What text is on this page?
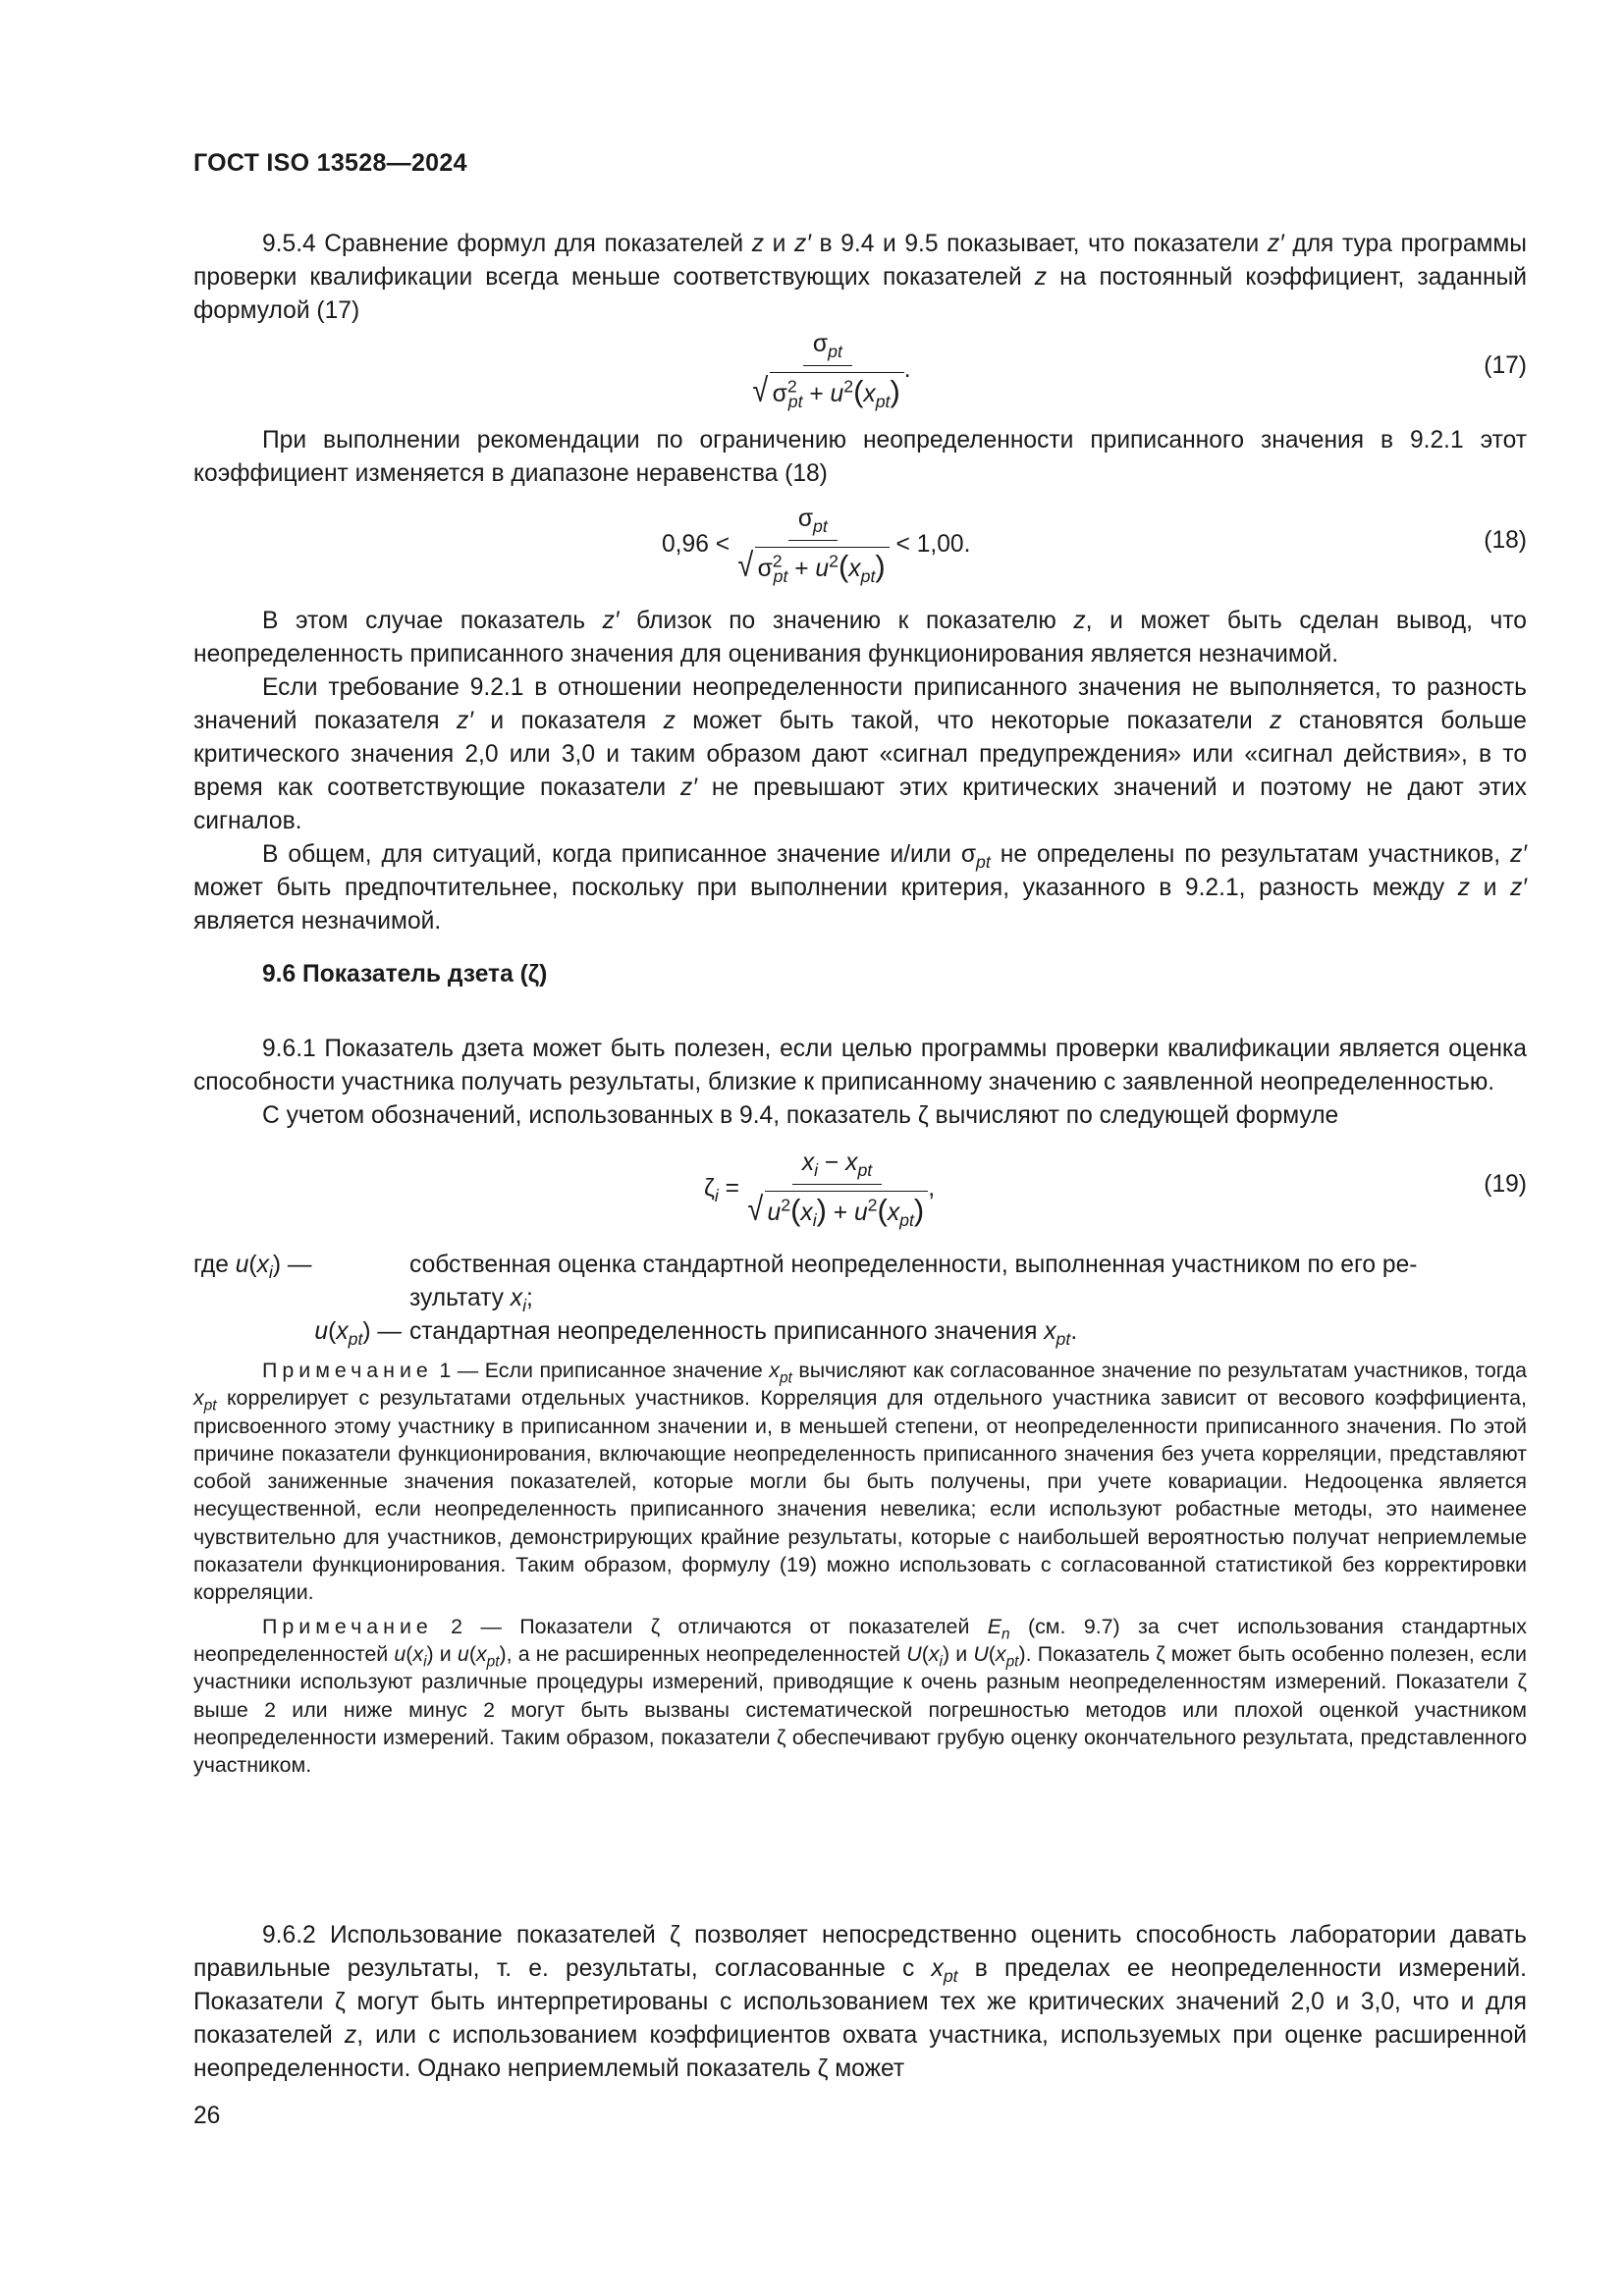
ГОСТ ISO 13528—2024

9.5.4 Сравнение формул для показателей z и z′ в 9.4 и 9.5 показывает, что показатели z′ для тура программы проверки квалификации всегда меньше соответствующих показателей z на постоянный коэффициент, заданный формулой (17)

$\frac{\sigma_{pt}}{√ \sigma^2_{pt} + u^2(x_{pt})}$ .	(17)

При выполнении рекомендации по ограничению неопределенности приписанного значения в 9.2.1 этот коэффициент изменяется в диапазоне неравенства (18)

0,96 <
$\frac{\sigma_{pt}}{√ \sigma^2_{pt} + u^2(x_{pt})}$
< 1,00.	(18)

В этом случае показатель z′ близок по значению к показателю z, и может быть сделан вывод, что неопределенность приписанного значения для оценивания функционирования является незначимой.

Если требование 9.2.1 в отношении неопределенности приписанного значения не выполняется, то разность значений показателя z′ и показателя z может быть такой, что некоторые показатели z становятся больше критического значения 2,0 или 3,0 и таким образом дают «сигнал предупреждения» или «сигнал действия», в то время как соответствующие показатели z′ не превышают этих критических значений и поэтому не дают этих сигналов.

В общем, для ситуаций, когда приписанное значение и/или $\sigma_{pt}$ не определены по результатам участников, z′ может быть предпочтительнее, поскольку при выполнении критерия, указанного в 9.2.1, разность между z и z′ является незначимой.

9.6 Показатель дзета (ζ)

9.6.1 Показатель дзета может быть полезен, если целью программы проверки квалификации является оценка способности участника получать результаты, близкие к приписанному значению с заявленной неопределенностью.

С учетом обозначений, использованных в 9.4, показатель ζ вычисляют по следующей формуле

$\zeta_i$ =
$\frac{x_i - x_{pt}}{√ u^2(x_i) + u^2(x_{pt})}$ ,	(19)
где $u(x_i)$ —	собственная оценка стандартной неопределенности, выполненная участником по его ре-
зультату $x_i$;
$u(x_{pt})$ — стандартная неопределенность приписанного значения $x_{pt}$.

Примечание 1 — Если приписанное значение $x_{pt}$ вычисляют как согласованное значение по результатам участников, тогда $x_{pt}$ коррелирует с результатами отдельных участников. Корреляция для отдельного участника зависит от весового коэффициента, присвоенного этому участнику в приписанном значении и, в меньшей степени, от неопределенности приписанного значения. По этой причине показатели функционирования, включающие неопределенность приписанного значения без учета корреляции, представляют собой заниженные значения показателей, которые могли бы быть получены, при учете ковариации. Недооценка является несущественной, если неопределенность приписанного значения невелика; если используют робастные методы, это наименее чувствительно для участников, демонстрирующих крайние результаты, которые с наибольшей вероятностью получат неприемлемые показатели функционирования. Таким образом, формулу (19) можно использовать с согласованной статистикой без корректировки корреляции.

Примечание 2 — Показатели ζ отличаются от показателей $E_n$ (см. 9.7) за счет использования стандартных неопределенностей $u(x_i)$ и $u(x_{pt})$, а не расширенных неопределенностей $U(x_i)$ и $U(x_{pt})$. Показатель ζ может быть особенно полезен, если участники используют различные процедуры измерений, приводящие к очень разным неопределенностям измерений. Показатели ζ выше 2 или ниже минус 2 могут быть вызваны систематической погрешностью методов или плохой оценкой участником неопределенности измерений. Таким образом, показатели ζ обеспечивают грубую оценку окончательного результата, представленного участником.

9.6.2 Использование показателей ζ позволяет непосредственно оценить способность лаборатории давать правильные результаты, т. е. результаты, согласованные с $x_{pt}$ в пределах ее неопределенности измерений. Показатели ζ могут быть интерпретированы с использованием тех же критических значений 2,0 и 3,0, что и для показателей z, или с использованием коэффициентов охвата участника, используемых при оценке расширенной неопределенности. Однако неприемлемый показатель ζ может

26
